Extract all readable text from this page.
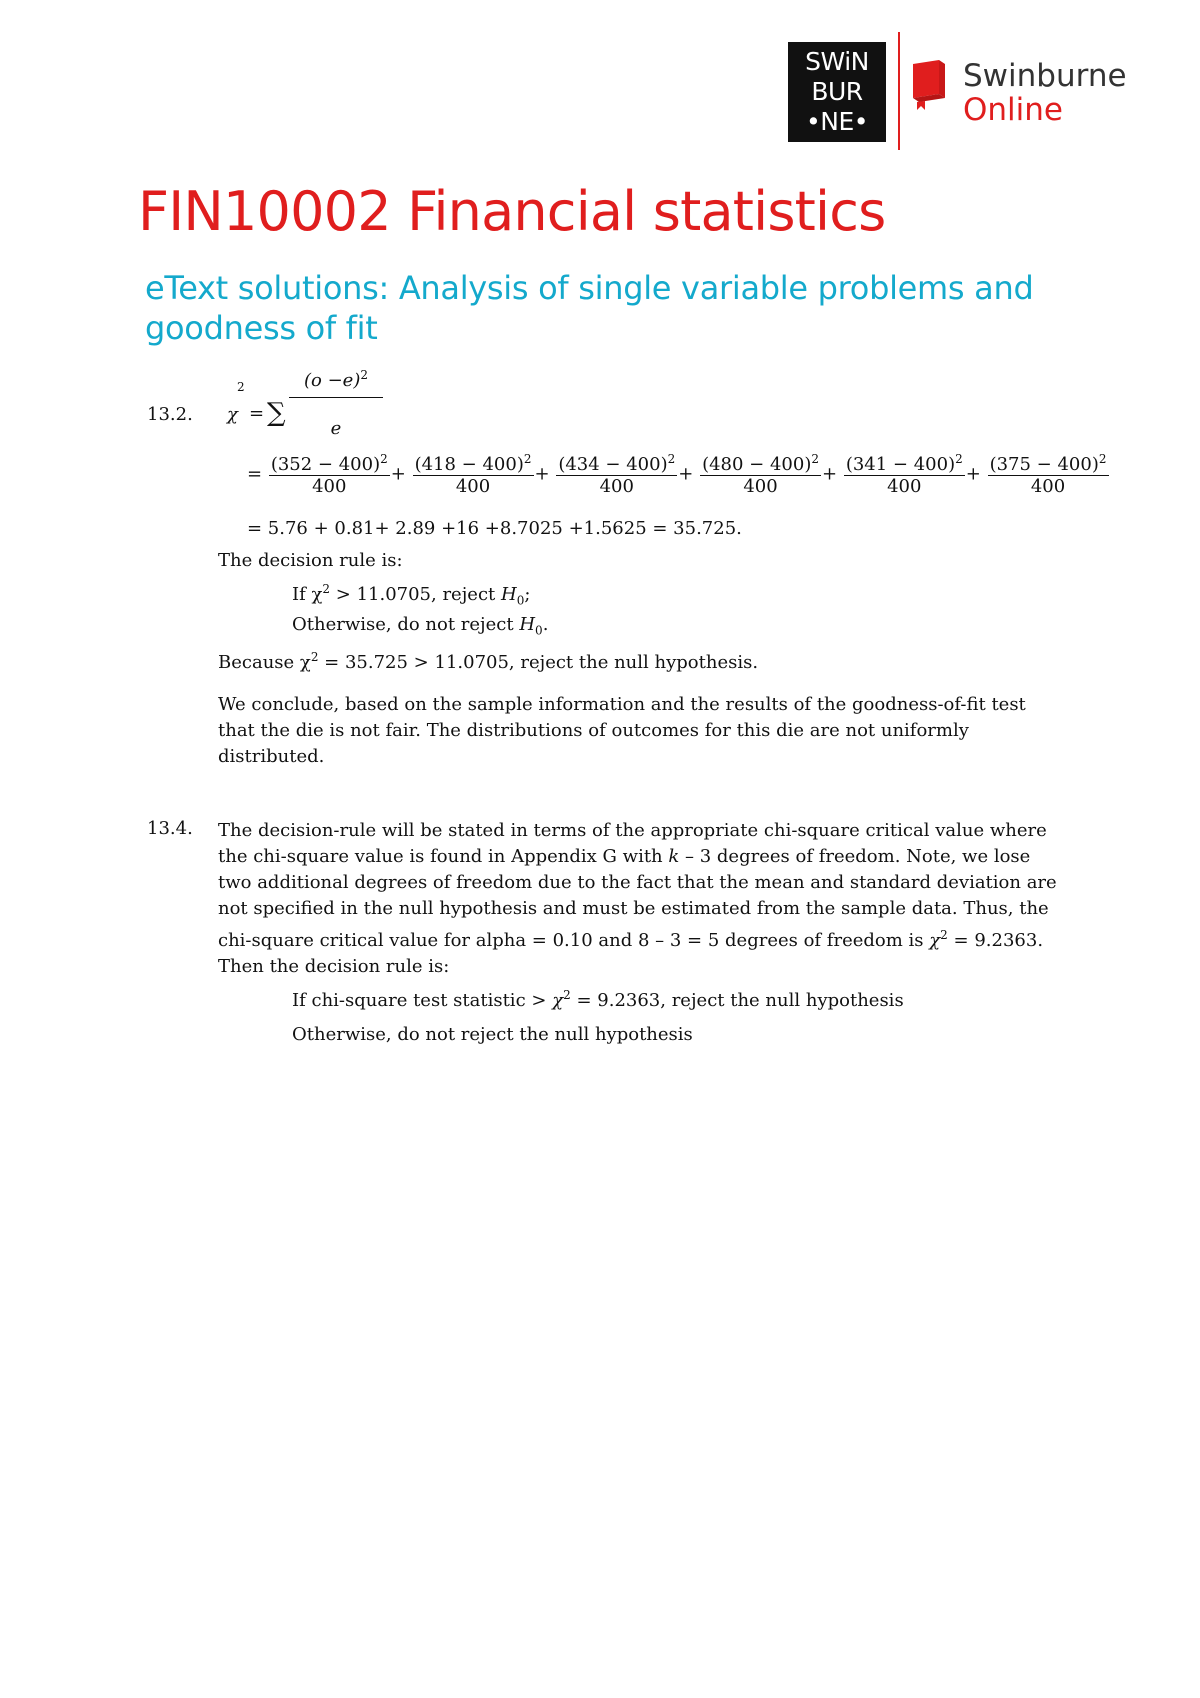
SWiN
BUR
•NE•
Swinburne
Online
FIN10002 Financial statistics
eText solutions: Analysis of single variable problems and goodness of fit
13.2.
2
χ = ∑
$(o -e)^2$
e
= $\frac{(352 - 400)^2}{400} + \frac{(418 - 400)^2}{400} + \frac{(434 - 400)^2}{400} + \frac{(480 - 400)^2}{400} + \frac{(341 - 400)^2}{400} + \frac{(375 - 400)^2}{400}$
= 5.76 + 0.81+ 2.89 +16 +8.7025 +1.5625 = 35.725.
The decision rule is:
If $\chi^2 > 11.0705$, reject $H_0$;
Otherwise, do not reject $H_0$.
Because $\chi^2 = 35.725 > 11.0705$, reject the null hypothesis.
We conclude, based on the sample information and the results of the goodness-of-fit test that the die is not fair. The distributions of outcomes for this die are not uniformly distributed.
13.4. The decision-rule will be stated in terms of the appropriate chi-square critical value where the chi-square value is found in Appendix G with k – 3 degrees of freedom. Note, we lose two additional degrees of freedom due to the fact that the mean and standard deviation are not specified in the null hypothesis and must be estimated from the sample data. Thus, the chi-square critical value for alpha = 0.10 and 8 – 3 = 5 degrees of freedom is $\chi^2 = 9.2363$. Then the decision rule is:
If chi-square test statistic > $\chi^2 = 9.2363$, reject the null hypothesis
Otherwise, do not reject the null hypothesis
